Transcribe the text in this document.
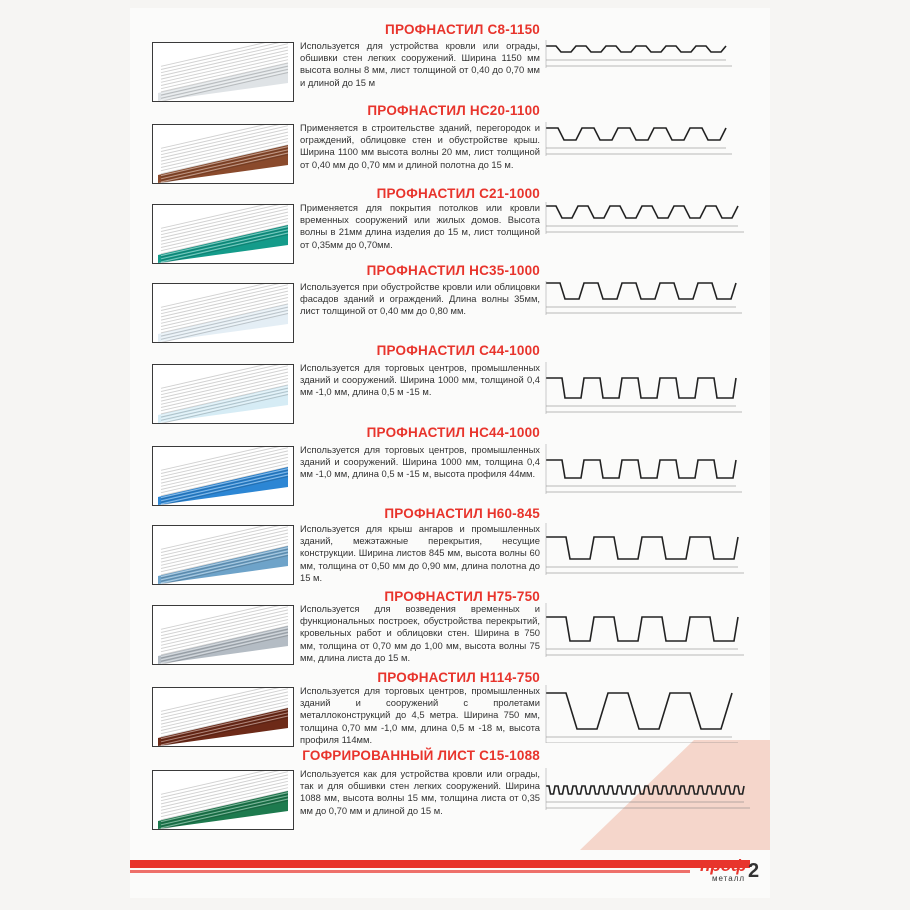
ПРОФНАСТИЛ С8-1150
Используется для устройства кровли или ограды, обшивки стен легких сооружений. Ширина 1150 мм высота волны 8 мм, лист толщиной от 0,40 до 0,70 мм и длиной до 15 м
ПРОФНАСТИЛ НС20-1100
Применяется в строительстве зданий, перегородок и ограждений, облицовке стен и обустройстве крыш. Ширина 1100 мм высота волны 20 мм, лист толщиной от 0,40 мм до 0,70 мм и длиной полотна до 15 м.
ПРОФНАСТИЛ С21-1000
Применяется для покрытия потолков или кровли временных сооружений или жилых домов. Высота волны в 21мм длина изделия до 15 м, лист толщиной от 0,35мм до 0,70мм.
ПРОФНАСТИЛ НС35-1000
Используется при обустройстве кровли или облицовки фасадов зданий и ограждений. Длина волны 35мм, лист толщиной от 0,40 мм до 0,80 мм.
ПРОФНАСТИЛ С44-1000
Используется для торговых центров, промышленных зданий и сооружений. Ширина 1000 мм, толщиной 0,4 мм -1,0 мм, длина 0,5 м -15 м.
ПРОФНАСТИЛ НС44-1000
Используется для торговых центров, промышленных зданий и сооружений. Ширина 1000 мм, толщина 0,4 мм -1,0 мм, длина 0,5 м -15 м, высота профиля 44мм.
ПРОФНАСТИЛ Н60-845
Используется для крыш ангаров и промышленных зданий, межэтажные перекрытия, несущие конструкции. Ширина листов 845 мм, высота волны 60 мм, толщина от 0,50 мм до 0,90 мм, длина полотна до 15 м.
ПРОФНАСТИЛ Н75-750
Используется для возведения временных и функциональных построек, обустройства перекрытий, кровельных работ и облицовки стен. Ширина в 750 мм, толщина от 0,70 мм до 1,00 мм, высота волны 75 мм, длина листа до 15 м.
ПРОФНАСТИЛ Н114-750
Используется для торговых центров, промышленных зданий и сооружений с пролетами металлоконструкций до 4,5 метра. Ширина 750 мм, толщина 0,70 мм -1,0 мм, длина 0,5 м -18 м, высота профиля 114мм.
ГОФРИРОВАННЫЙ ЛИСТ С15-1088
Используется как для устройства кровли или ограды, так и для обшивки стен легких сооружений. Ширина 1088 мм, высота волны 15 мм, толщина листа от 0,35 мм до 0,70 мм и длиной до 15 м.
проф
металл 2
